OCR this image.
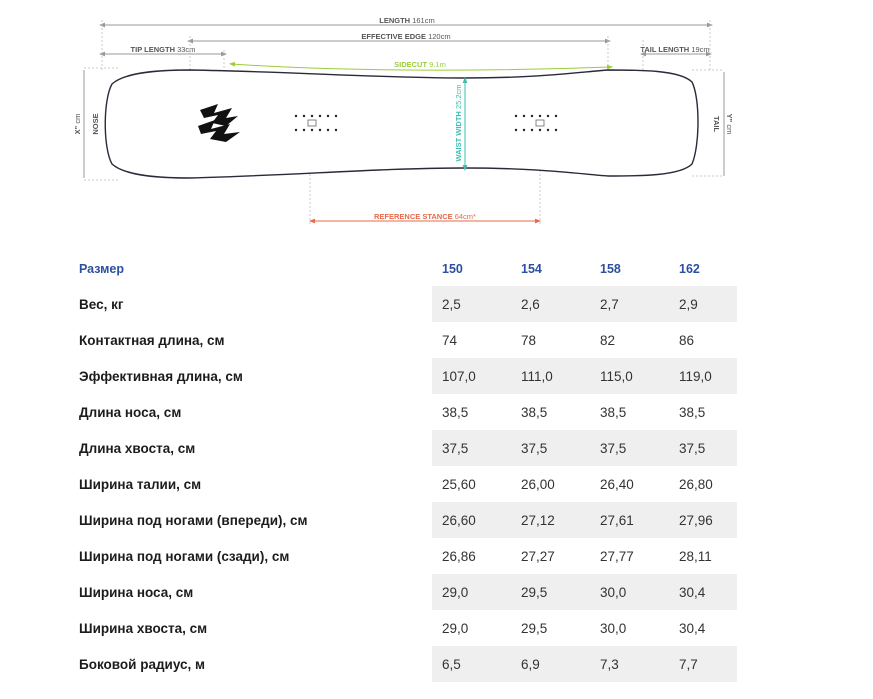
LENGTH 161cm
EFFECTIVE EDGE 120cm
TIP LENGTH 33cm	TAIL LENGTH 19cm
X" cm NOSE	Y" cm
TAIL
SIDECUT 9.1m
WAIST WIDTH 25.2cm
REFERENCE STANCE 64cm*
Размер	150	154	158	162
Вес, кг	2,5	2,6	2,7	2,9
Контактная длина, см	74	78	82	86
Эффективная длина, см	107,0	111,0	115,0	119,0
Длина носа, см	38,5	38,5	38,5	38,5
Длина хвоста, см	37,5	37,5	37,5	37,5
Ширина талии, см	25,60	26,00	26,40	26,80
Ширина под ногами (впереди), см	26,60	27,12	27,61	27,96
Ширина под ногами (сзади), см	26,86	27,27	27,77	28,11
Ширина носа, см	29,0	29,5	30,0	30,4
Ширина хвоста, см	29,0	29,5	30,0	30,4
Боковой радиус, м	6,5	6,9	7,3	7,7
